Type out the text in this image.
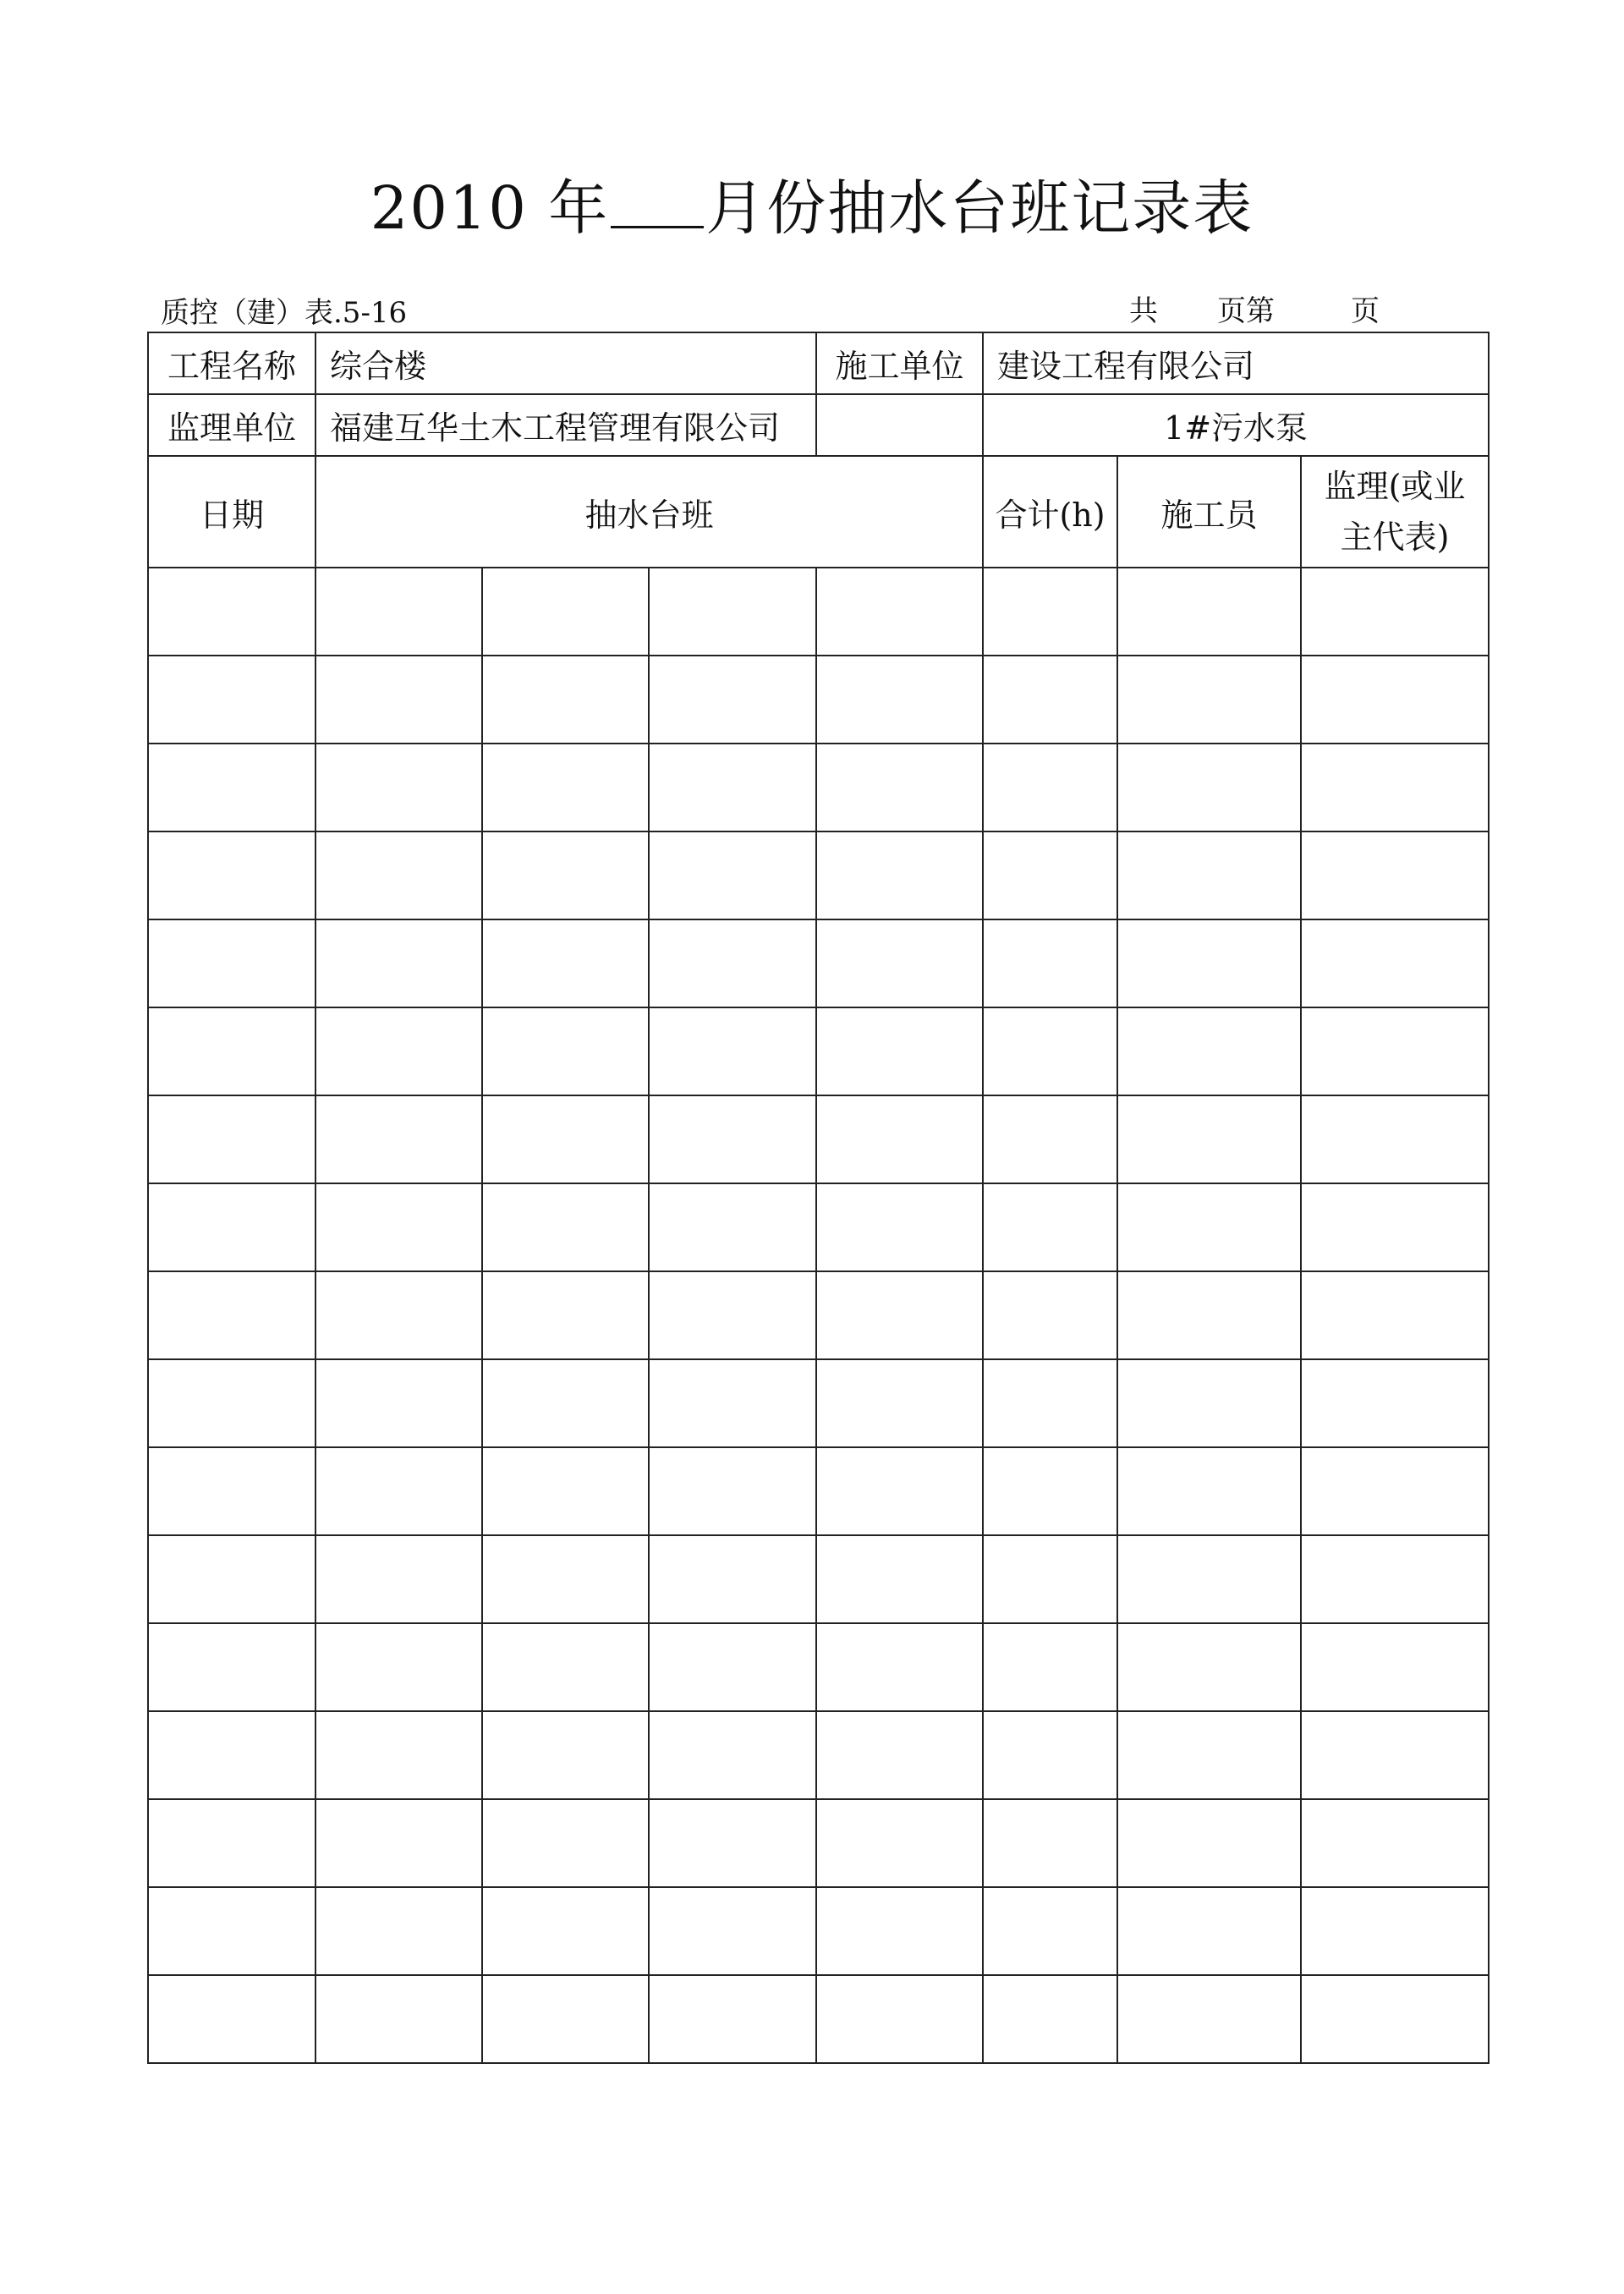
2010 年 月份抽水台班记录表
质控（建）表.5-16	共 页第	页
工程名称	综合楼			施工单位	建设工程有限公司		
监理单位	福建互华土木工程管理有限公司				1#污水泵		
日期	抽水台班				合计(h)	施工员	监理(或业
主代表)
